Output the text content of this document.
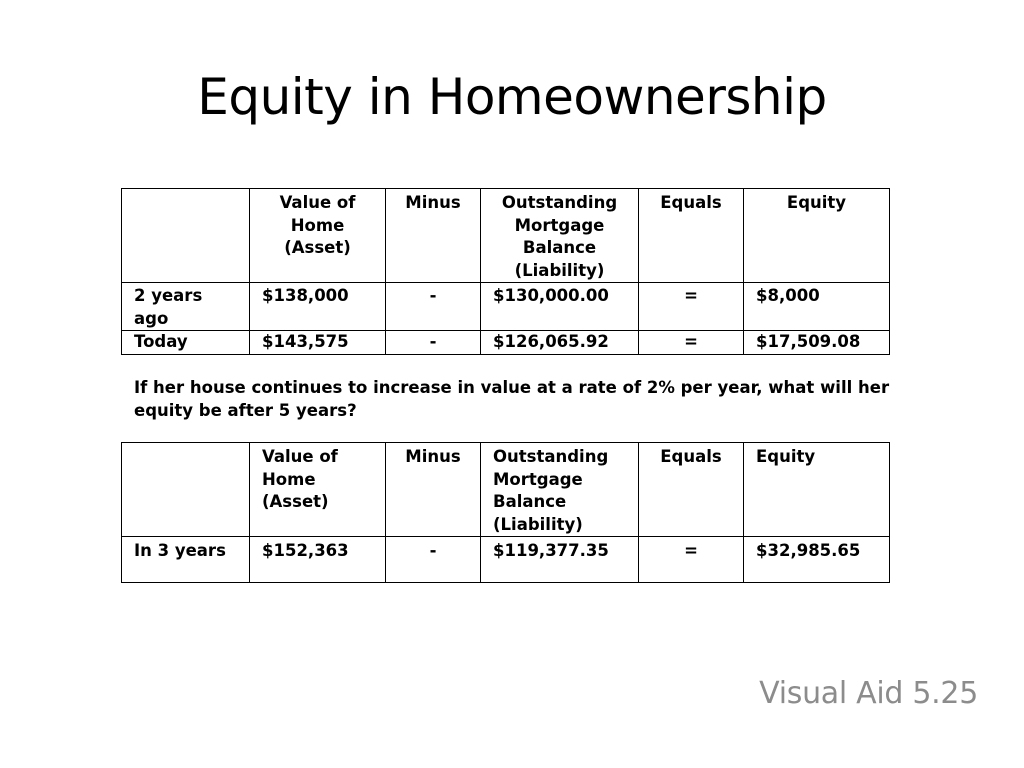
Equity in Homeownership
	Value of Home (Asset)	Minus	Outstanding Mortgage Balance (Liability)	Equals	Equity
2 years ago	$138,000	-	$130,000.00	=	$8,000
Today	$143,575	-	$126,065.92	=	$17,509.08
If her house continues to increase in value at a rate of 2% per year, what will her equity be after 5 years?
	Value of Home (Asset)	Minus	Outstanding Mortgage Balance (Liability)	Equals	Equity
In 3 years	$152,363	-	$119,377.35	=	$32,985.65
Visual Aid 5.25
